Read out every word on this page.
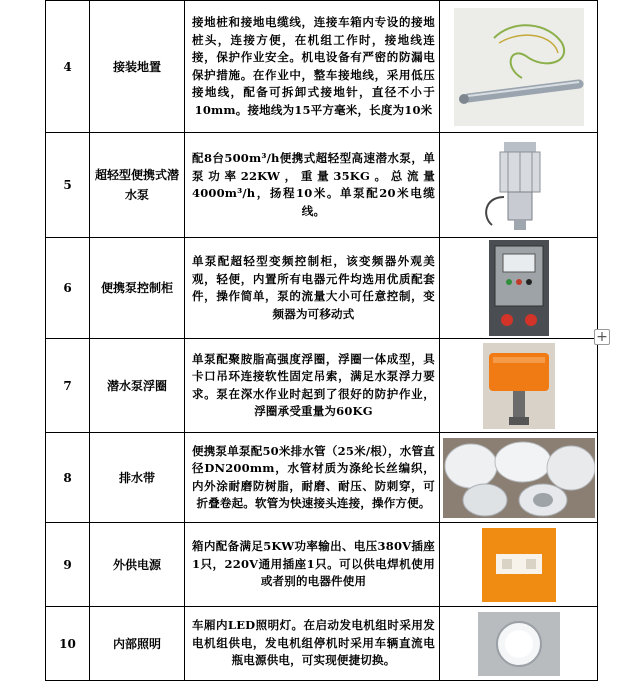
4	接装地置	接地桩和接地电缆线，连接车箱内专设的接地桩头，连接方便，在机组工作时，接地线连接，保护作业安全。机电设备有严密的防漏电保护措施。在作业中，整车接地线，采用低压接地线，配备可拆卸式接地针，直径不小于10mm。接地线为15平方毫米，长度为10米	

5	超轻型便携式潜水泵	配8台500m³/h便携式超轻型高速潜水泵，单泵功率22KW，重量35KG。总流量4000m³/h，扬程10米。单泵配20米电缆线。	

6	便携泵控制柜	单泵配超轻型变频控制柜，该变频器外观美观，轻便，内置所有电器元件均选用优质配套件，操作简单，泵的流量大小可任意控制，变频器为可移动式	

7	潜水泵浮圈	单泵配聚胺脂高强度浮圈，浮圈一体成型，具卡口吊环连接软性固定吊索，满足水泵浮力要求。泵在深水作业时起到了很好的防护作业，浮圈承受重量为60KG	

8	排水带	便携泵单泵配50米排水管（25米/根），水管直径DN200mm，水管材质为涤纶长丝编织，内外涂耐磨防树脂，耐磨、耐压、防刺穿，可折叠卷起。软管为快速接头连接，操作方便。	

9	外供电源	箱内配备满足5KW功率输出、电压380V插座1只，220V通用插座1只。可以供电焊机使用或者别的电器件使用	

10	内部照明	车厢内LED照明灯。在启动发电机组时采用发电机组供电，发电机组停机时采用车辆直流电瓶电源供电，可实现便捷切换。	
+
